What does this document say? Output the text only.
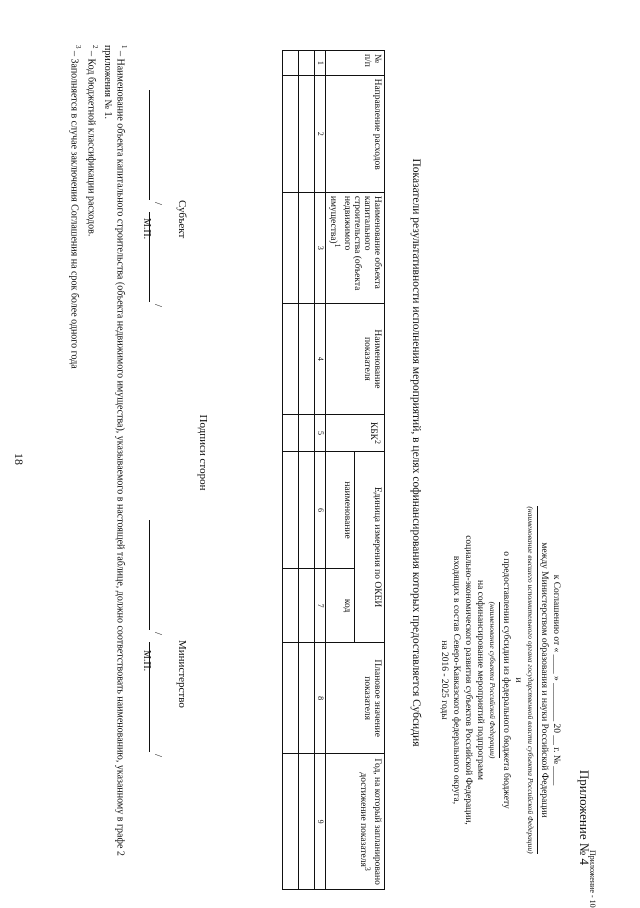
18
Приложение - 10
Приложение № 4
к Соглашению от « ____ » ________ 20 __ г. № ____
между Министерством образования и науки Российской Федерации
(наименование высшего исполнительного органа государственной власти субъекта Российской Федерации)
и
о предоставлении субсидии из федерального бюджета бюджету
(наименование субъекта Российской Федерации)
на софинансирование мероприятий подпрограмм
социально-экономического развития субъектов Российской Федерации,
входящих в состав Северо-Кавказского федерального округа,
на 2016 - 2025 годы
Показатели результативности исполнения мероприятий, в целях софинансирования которых предоставляется Субсидия
№ п/п	Направление расходов	Наименование объекта капитального строительства (объекта недвижимого имущества)$^1$	Наименование показателя	КБК$^2$	Единица измерения по ОКЕИ		Плановое значение показателя	Год, на который запланировано достижение показателя$^3$
					наименование	код		
1	2	3	4	5	6	7	8	9

Подписи сторон
Субъект
Министерство
/
/
М.П.
/
/
М.П.
$^1$ – Наименование объекта капитального строительства (объекта недвижимого имущества), указываемого в настоящей таблице, должно соответствовать наименованию, указанному в графе 2 приложения № 1.
$^2$ – Код бюджетной классификации расходов.
$^3$ – Заполняется в случае заключения Соглашения на срок более одного года
